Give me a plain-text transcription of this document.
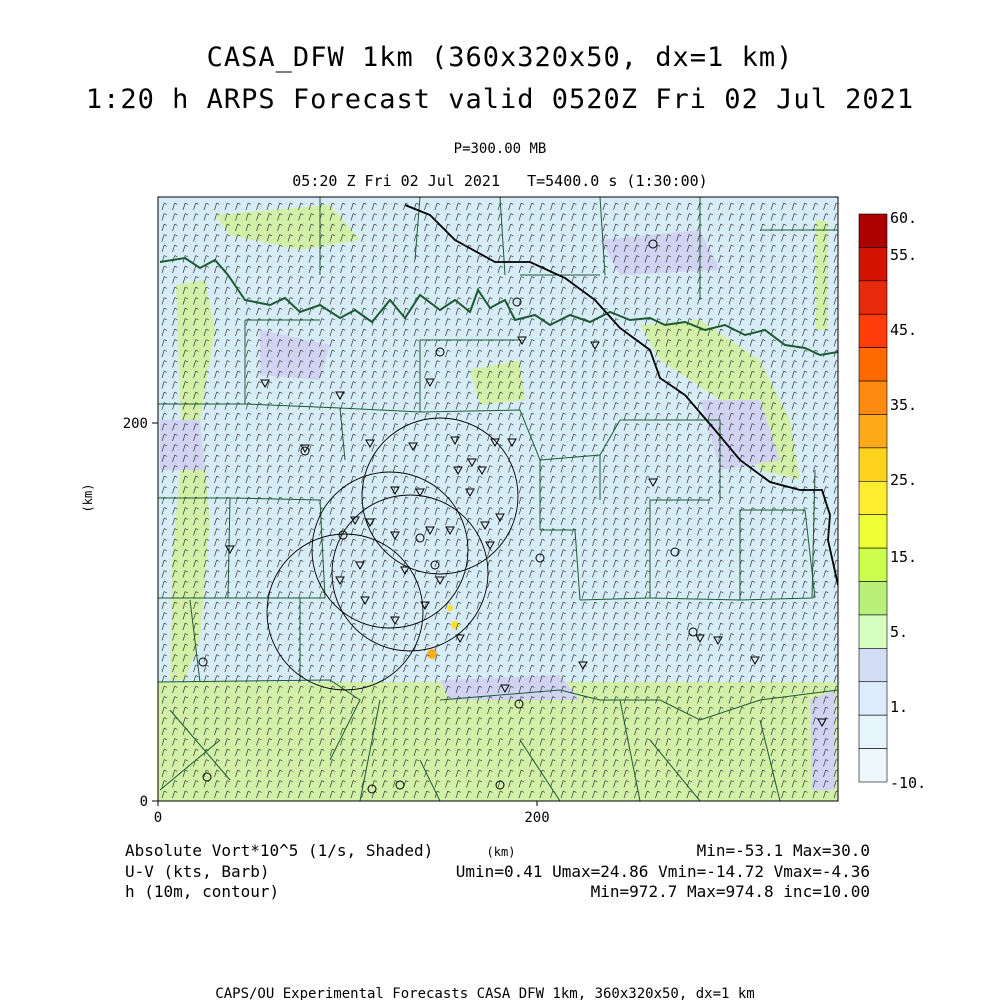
CASA_DFW 1km (360x320x50, dx=1 km)
1:20 h ARPS Forecast valid 0520Z Fri 02 Jul 2021
P=300.00 MB
05:20 Z Fri 02 Jul 2021   T=5400.0 s (1:30:00)
0	200
0
200
(km)
60.
55.
45.
35.
25.
15.
5.
1.
-10.
Absolute Vort*10^5 (1/s, Shaded)
U-V (kts, Barb)
h (10m, contour)
(km)	Min=-53.1 Max=30.0
Umin=0.41 Umax=24.86 Vmin=-14.72 Vmax=-4.36
Min=972.7 Max=974.8 inc=10.00
CAPS/OU Experimental Forecasts CASA DFW 1km, 360x320x50, dx=1 km
